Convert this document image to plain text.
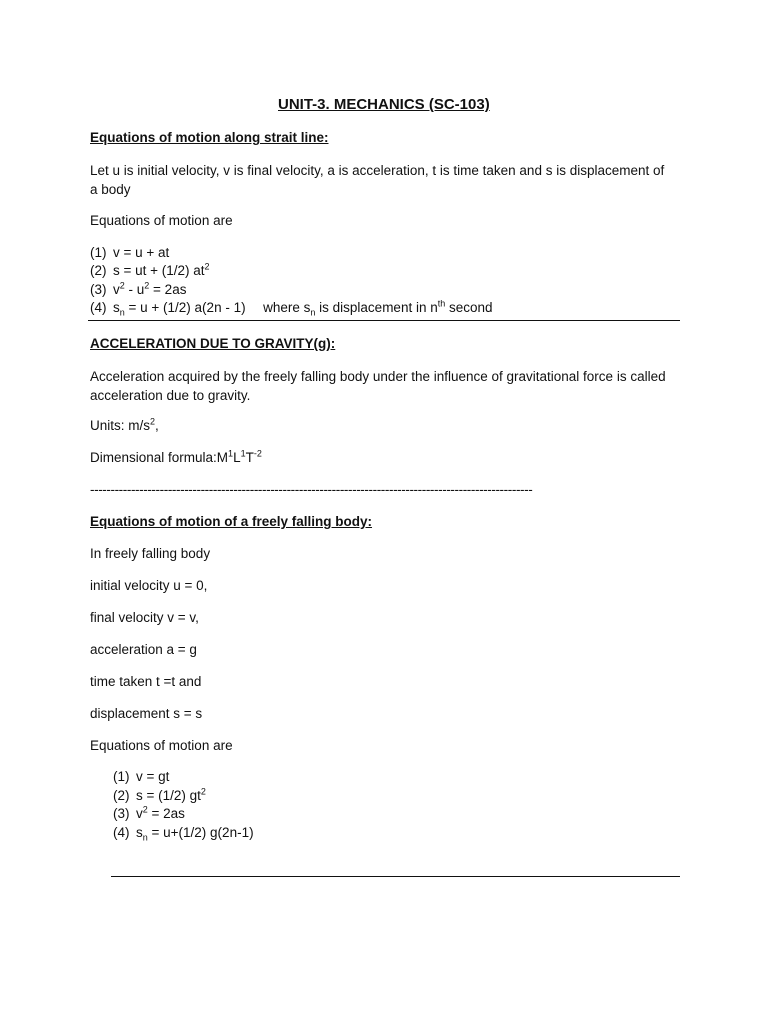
UNIT-3. MECHANICS (SC-103)
Equations of motion along strait line:
Let u is initial velocity, v is final velocity, a is acceleration, t is time taken and s is displacement of a body
Equations of motion are
(1) v = u + at
(2) s = ut + (1/2) $at^2$
(3) $v^2 - u^2 = 2as$
(4) $s_n = u + (1/2)$ a(2n - 1) where $s_n$ is displacement in $n^{th}$ second
ACCELERATION DUE TO GRAVITY(g):
Acceleration acquired by the freely falling body under the influence of gravitational force is called acceleration due to gravity.
Units: $m/s^2$,
Dimensional $formula:M^1L^1T^{-2}$
------------------------------------------------------------------------------------------------------------
Equations of motion of a freely falling body:
In freely falling body
initial velocity u = 0,
final velocity v = v,
acceleration a = g
time taken t =t and
displacement s = s
Equations of motion are
(1) v = gt
(2) s = (1/2) $gt^2$
(3) $v^2 = 2as$
(4) $s_n = u+(1/2)$ g(2n-1)
